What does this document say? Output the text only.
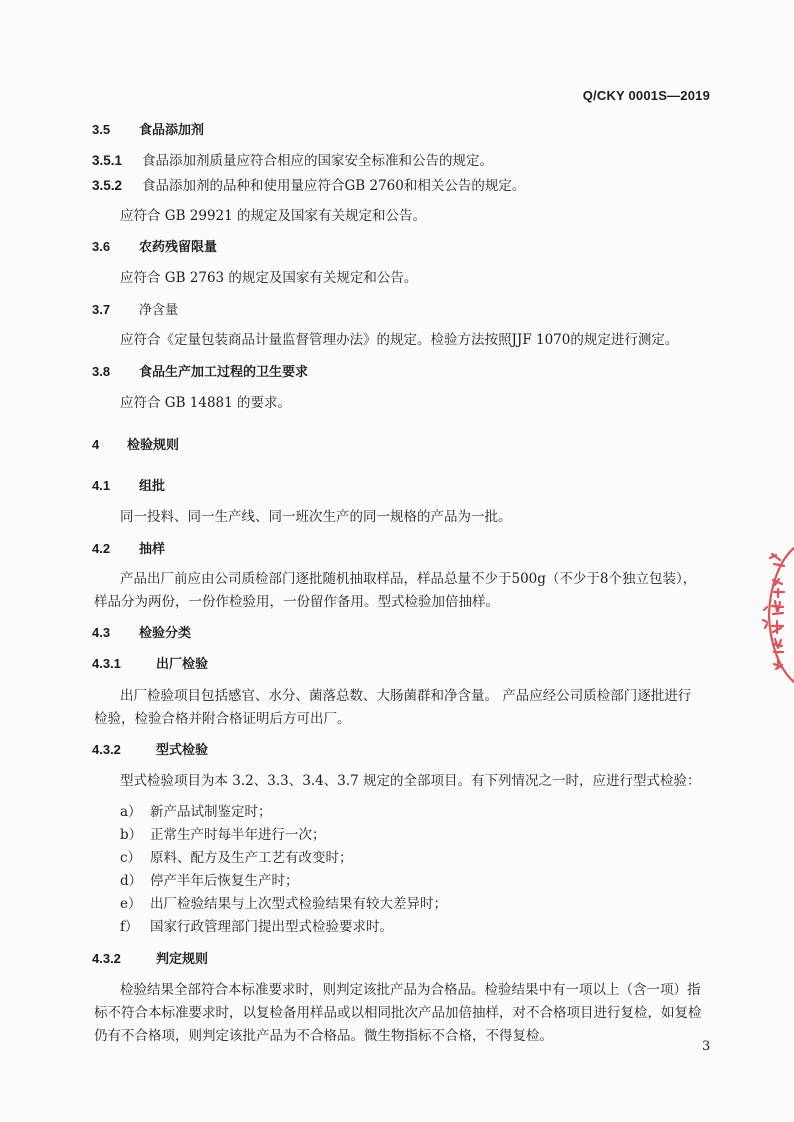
Q/CKY 0001S—2019
3.5 食品添加剂
3.5.1 食品添加剂质量应符合相应的国家安全标准和公告的规定。
3.5.2 食品添加剂的品种和使用量应符合GB 2760和相关公告的规定。
应符合 GB 29921 的规定及国家有关规定和公告。
3.6 农药残留限量
应符合 GB 2763 的规定及国家有关规定和公告。
3.7 净含量
应符合《定量包装商品计量监督管理办法》的规定。检验方法按照JJF 1070的规定进行测定。
3.8 食品生产加工过程的卫生要求
应符合 GB 14881 的要求。
4 检验规则
4.1 组批
同一投料、同一生产线、同一班次生产的同一规格的产品为一批。
4.2 抽样
产品出厂前应由公司质检部门逐批随机抽取样品，样品总量不少于500g（不少于8个独立包装），
样品分为两份，一份作检验用，一份留作备用。型式检验加倍抽样。
4.3 检验分类
4.3.1	出厂检验
出厂检验项目包括感官、水分、菌落总数、大肠菌群和净含量。 产品应经公司质检部门逐批进行
检验，检验合格并附合格证明后方可出厂。
4.3.2	型式检验
型式检验项目为本 3.2、3.3、3.4、3.7 规定的全部项目。有下列情况之一时，应进行型式检验：
a） 新产品试制鉴定时；
b） 正常生产时每半年进行一次；
c） 原料、配方及生产工艺有改变时；
d） 停产半年后恢复生产时；
e） 出厂检验结果与上次型式检验结果有较大差异时；
f） 国家行政管理部门提出型式检验要求时。
4.3.2	判定规则
检验结果全部符合本标准要求时，则判定该批产品为合格品。检验结果中有一项以上（含一项）指
标不符合本标准要求时，以复检备用样品或以相同批次产品加倍抽样，对不合格项目进行复检，如复检
仍有不合格项，则判定该批产品为不合格品。微生物指标不合格，不得复检。
3
